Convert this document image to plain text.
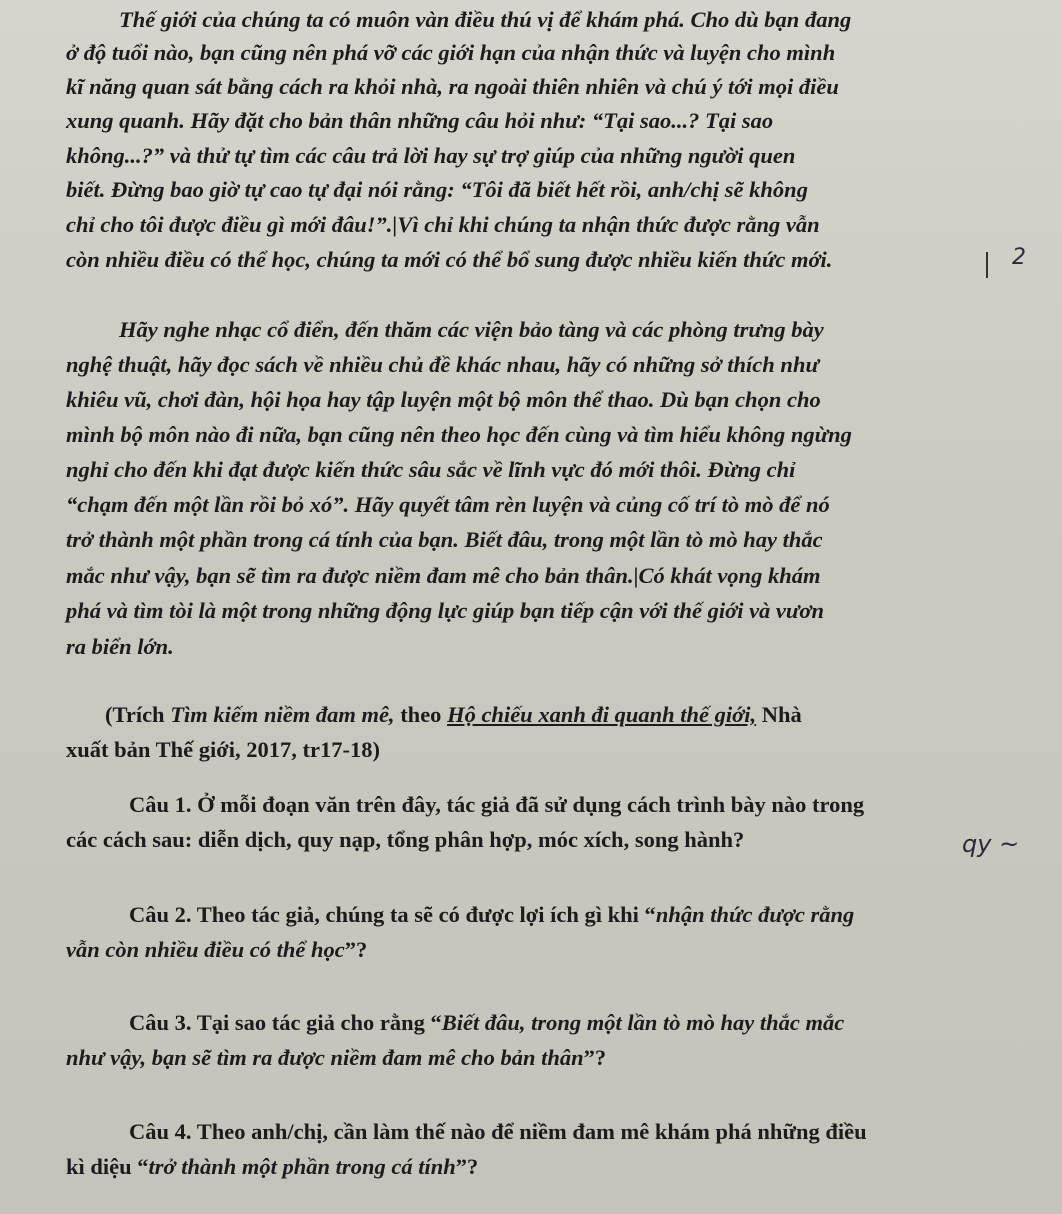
Thế giới của chúng ta có muôn vàn điều thú vị để khám phá. Cho dù bạn đang
ở độ tuổi nào, bạn cũng nên phá vỡ các giới hạn của nhận thức và luyện cho mình
kĩ năng quan sát bằng cách ra khỏi nhà, ra ngoài thiên nhiên và chú ý tới mọi điều
xung quanh. Hãy đặt cho bản thân những câu hỏi như: “Tại sao...? Tại sao
không...?” và thử tự tìm các câu trả lời hay sự trợ giúp của những người quen
biết. Đừng bao giờ tự cao tự đại nói rằng: “Tôi đã biết hết rồi, anh/chị sẽ không
chỉ cho tôi được điều gì mới đâu!”.|Vì chỉ khi chúng ta nhận thức được rằng vẫn
còn nhiều điều có thể học, chúng ta mới có thể bổ sung được nhiều kiến thức mới.	2
Hãy nghe nhạc cổ điển, đến thăm các viện bảo tàng và các phòng trưng bày
nghệ thuật, hãy đọc sách về nhiều chủ đề khác nhau, hãy có những sở thích như
khiêu vũ, chơi đàn, hội họa hay tập luyện một bộ môn thể thao. Dù bạn chọn cho
mình bộ môn nào đi nữa, bạn cũng nên theo học đến cùng và tìm hiểu không ngừng
nghỉ cho đến khi đạt được kiến thức sâu sắc về lĩnh vực đó mới thôi. Đừng chỉ
“chạm đến một lần rồi bỏ xó”. Hãy quyết tâm rèn luyện và củng cố trí tò mò để nó
trở thành một phần trong cá tính của bạn. Biết đâu, trong một lần tò mò hay thắc
mắc như vậy, bạn sẽ tìm ra được niềm đam mê cho bản thân.|Có khát vọng khám
phá và tìm tòi là một trong những động lực giúp bạn tiếp cận với thế giới và vươn
ra biển lớn.
(Trích Tìm kiếm niềm đam mê, theo Hộ chiếu xanh đi quanh thế giới, Nhà
xuất bản Thế giới, 2017, tr17-18)
Câu 1. Ở mỗi đoạn văn trên đây, tác giả đã sử dụng cách trình bày nào trong
các cách sau: diễn dịch, quy nạp, tổng phân hợp, móc xích, song hành?	qy ~
Câu 2. Theo tác giả, chúng ta sẽ có được lợi ích gì khi “nhận thức được rằng
vẫn còn nhiều điều có thể học”?
Câu 3. Tại sao tác giả cho rằng “Biết đâu, trong một lần tò mò hay thắc mắc
như vậy, bạn sẽ tìm ra được niềm đam mê cho bản thân”?
Câu 4. Theo anh/chị, cần làm thế nào để niềm đam mê khám phá những điều
kì diệu “trở thành một phần trong cá tính”?
